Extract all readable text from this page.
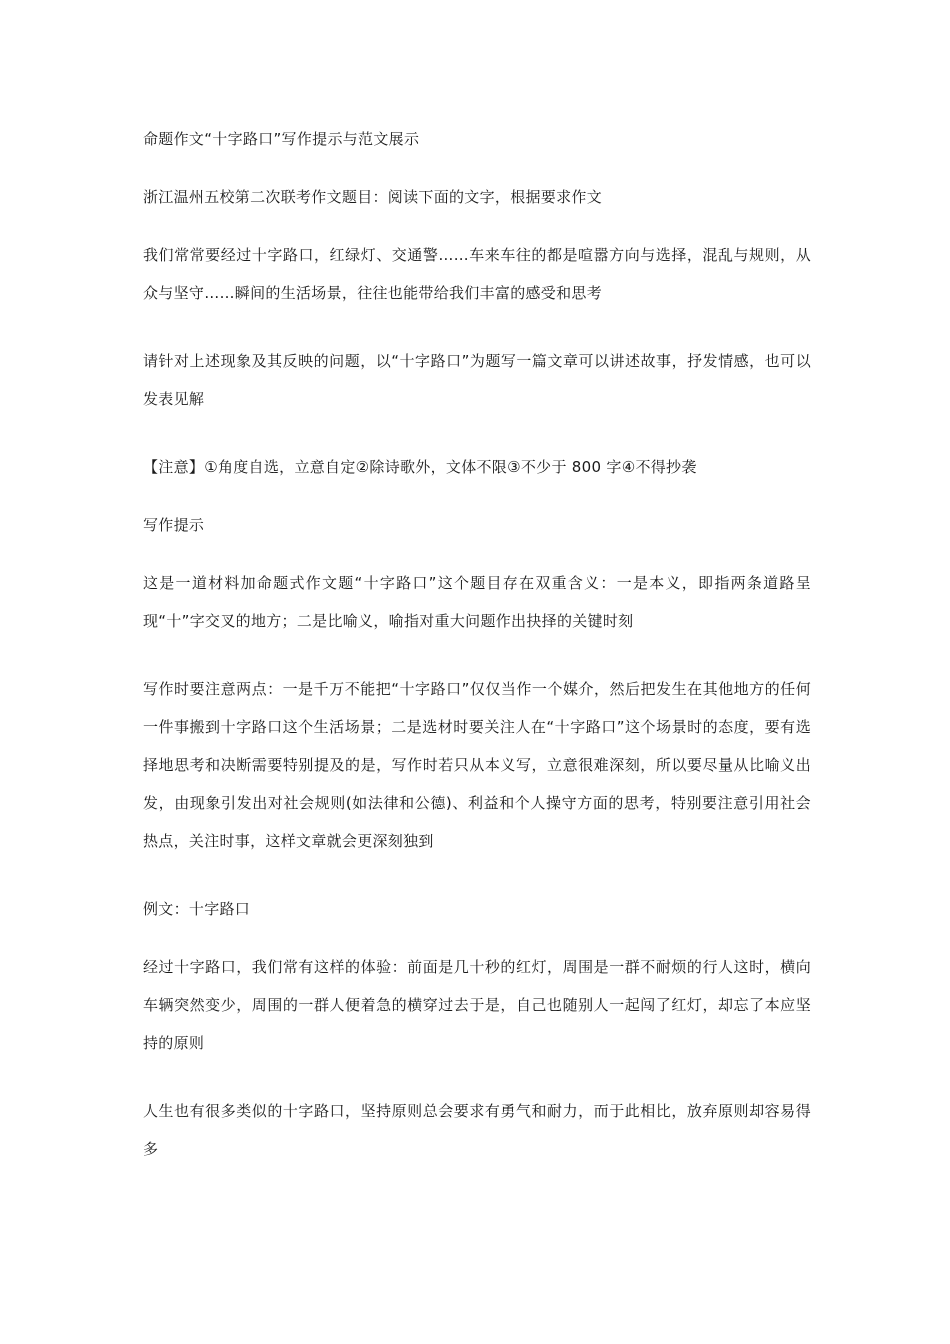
命题作文“十字路口”写作提示与范文展示

浙江温州五校第二次联考作文题目：阅读下面的文字，根据要求作文

我们常常要经过十字路口，红绿灯、交通警……车来车往的都是喧嚣方向与选择，混乱与规则，从众与坚守……瞬间的生活场景，往往也能带给我们丰富的感受和思考

请针对上述现象及其反映的问题，以“十字路口”为题写一篇文章可以讲述故事，抒发情感，也可以发表见解

【注意】①角度自选，立意自定②除诗歌外，文体不限③不少于 800 字④不得抄袭

写作提示

这是一道材料加命题式作文题“十字路口”这个题目存在双重含义：一是本义，即指两条道路呈现“十”字交叉的地方；二是比喻义，喻指对重大问题作出抉择的关键时刻

写作时要注意两点：一是千万不能把“十字路口”仅仅当作一个媒介，然后把发生在其他地方的任何一件事搬到十字路口这个生活场景；二是选材时要关注人在“十字路口”这个场景时的态度，要有选择地思考和决断需要特别提及的是，写作时若只从本义写，立意很难深刻，所以要尽量从比喻义出发，由现象引发出对社会规则(如法律和公德)、利益和个人操守方面的思考，特别要注意引用社会热点，关注时事，这样文章就会更深刻独到

例文：十字路口

经过十字路口，我们常有这样的体验：前面是几十秒的红灯，周围是一群不耐烦的行人这时，横向车辆突然变少，周围的一群人便着急的横穿过去于是，自己也随别人一起闯了红灯，却忘了本应坚持的原则

人生也有很多类似的十字路口，坚持原则总会要求有勇气和耐力，而于此相比，放弃原则却容易得多
